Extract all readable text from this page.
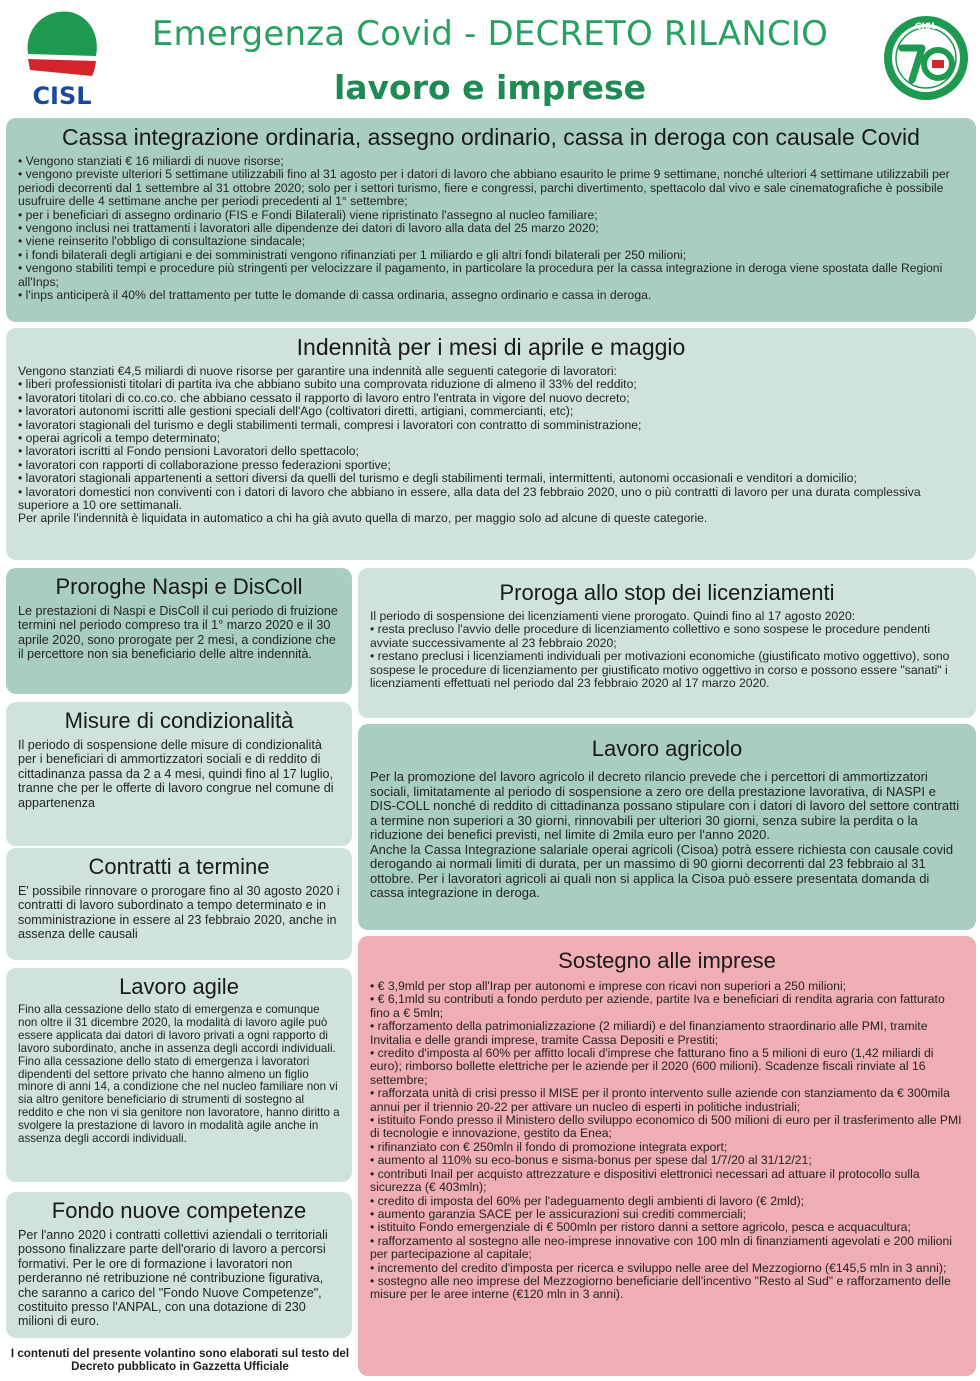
CISL
Emergenza Covid - DECRETO RILANCIO
lavoro e imprese
CISL
Cassa integrazione ordinaria, assegno ordinario, cassa in deroga con causale Covid
• Vengono stanziati € 16 miliardi di nuove risorse;
• vengono previste ulteriori 5 settimane utilizzabili fino al 31 agosto per i datori di lavoro che abbiano esaurito le prime 9 settimane, nonché ulteriori 4 settimane utilizzabili per periodi decorrenti dal 1 settembre al 31 ottobre 2020; solo per i settori turismo, fiere e congressi, parchi divertimento, spettacolo dal vivo e sale cinematografiche è possibile usufruire delle 4 settimane anche per periodi precedenti al 1° settembre;
• per i beneficiari di assegno ordinario (FIS e Fondi Bilaterali) viene ripristinato l'assegno al nucleo familiare;
• vengono inclusi nei trattamenti i lavoratori alle dipendenze dei datori di lavoro alla data del 25 marzo 2020;
• viene reinserito l'obbligo di consultazione sindacale;
• i fondi bilaterali degli artigiani e dei somministrati vengono rifinanziati per 1 miliardo e gli altri fondi bilaterali per 250 milioni;
• vengono stabiliti tempi e procedure più stringenti per velocizzare il pagamento, in particolare la procedura per la cassa integrazione in deroga viene spostata dalle Regioni all'Inps;
• l'inps anticiperà il 40% del trattamento per tutte le domande di cassa ordinaria, assegno ordinario e cassa in deroga.
Indennità per i mesi di aprile e maggio

Vengono stanziati €4,5 miliardi di nuove risorse per garantire una indennità alle seguenti categorie di lavoratori:

• liberi professionisti titolari di partita iva che abbiano subito una comprovata riduzione di almeno il 33% del reddito;
• lavoratori titolari di co.co.co. che abbiano cessato il rapporto di lavoro entro l'entrata in vigore del nuovo decreto;
• lavoratori autonomi iscritti alle gestioni speciali dell'Ago (coltivatori diretti, artigiani, commercianti, etc);
• lavoratori stagionali del turismo e degli stabilimenti termali, compresi i lavoratori con contratto di somministrazione;
• operai agricoli a tempo determinato;
• lavoratori iscritti al Fondo pensioni Lavoratori dello spettacolo;
• lavoratori con rapporti di collaborazione presso federazioni sportive;
• lavoratori stagionali appartenenti a settori diversi da quelli del turismo e degli stabilimenti termali, intermittenti, autonomi occasionali e venditori a domicilio;
• lavoratori domestici non conviventi con i datori di lavoro che abbiano in essere, alla data del 23 febbraio 2020, uno o più contratti di lavoro per una durata complessiva superiore a 10 ore settimanali.

Per aprile l'indennità è liquidata in automatico a chi ha già avuto quella di marzo, per maggio solo ad alcune di queste categorie.

Proroghe Naspi e DisColl

Le prestazioni di Naspi e DisColl il cui periodo di fruizione termini nel periodo compreso tra il 1° marzo 2020 e il 30 aprile 2020, sono prorogate per 2 mesi, a condizione che il percettore non sia beneficiario delle altre indennità.

Misure di condizionalità

Il periodo di sospensione delle misure di condizionalità per i beneficiari di ammortizzatori sociali e di reddito di cittadinanza passa da 2 a 4 mesi, quindi fino al 17 luglio, tranne che per le offerte di lavoro congrue nel comune di appartenenza

Contratti a termine

E' possibile rinnovare o prorogare fino al 30 agosto 2020 i contratti di lavoro subordinato a tempo determinato e in somministrazione in essere al 23 febbraio 2020, anche in assenza delle causali

Lavoro agile

Fino alla cessazione dello stato di emergenza e comunque non oltre il 31 dicembre 2020, la modalità di lavoro agile può essere applicata dai datori di lavoro privati a ogni rapporto di lavoro subordinato, anche in assenza degli accordi individuali.

Fino alla cessazione dello stato di emergenza i lavoratori dipendenti del settore privato che hanno almeno un figlio minore di anni 14, a condizione che nel nucleo familiare non vi sia altro genitore beneficiario di strumenti di sostegno al reddito e che non vi sia genitore non lavoratore, hanno diritto a svolgere la prestazione di lavoro in modalità agile anche in assenza degli accordi individuali.

Fondo nuove competenze

Per l'anno 2020 i contratti collettivi aziendali o territoriali possono finalizzare parte dell'orario di lavoro a percorsi formativi. Per le ore di formazione i lavoratori non perderanno né retribuzione né contribuzione figurativa, che saranno a carico del "Fondo Nuove Competenze", costituito presso l'ANPAL, con una dotazione di 230 milioni di euro.

I contenuti del presente volantino sono elaborati sul testo del Decreto pubblicato in Gazzetta Ufficiale
Proroga allo stop dei licenziamenti

Il periodo di sospensione dei licenziamenti viene prorogato. Quindi fino al 17 agosto 2020:

• resta precluso l'avvio delle procedure di licenziamento collettivo e sono sospese le procedure pendenti avviate successivamente al 23 febbraio 2020;
• restano preclusi i licenziamenti individuali per motivazioni economiche (giustificato motivo oggettivo), sono sospese le procedure di licenziamento per giustificato motivo oggettivo in corso e possono essere "sanati" i licenziamenti effettuati nel periodo dal 23 febbraio 2020 al 17 marzo 2020.
Lavoro agricolo

Per la promozione del lavoro agricolo il decreto rilancio prevede che i percettori di ammortizzatori sociali, limitatamente al periodo di sospensione a zero ore della prestazione lavorativa, di NASPI e DIS-COLL nonché di reddito di cittadinanza possano stipulare con i datori di lavoro del settore contratti a termine non superiori a 30 giorni, rinnovabili per ulteriori 30 giorni, senza subire la perdita o la riduzione dei benefici previsti, nel limite di 2mila euro per l'anno 2020.

Anche la Cassa Integrazione salariale operai agricoli (Cisoa) potrà essere richiesta con causale covid derogando ai normali limiti di durata, per un massimo di 90 giorni decorrenti dal 23 febbraio al 31 ottobre. Per i lavoratori agricoli ai quali non si applica la Cisoa può essere presentata domanda di cassa integrazione in deroga.

Sostegno alle imprese
• € 3,9mld per stop all'Irap per autonomi e imprese con ricavi non superiori a 250 milioni;
• € 6,1mld su contributi a fondo perduto per aziende, partite Iva e beneficiari di rendita agraria con fatturato fino a € 5mln;
• rafforzamento della patrimonializzazione (2 miliardi) e del finanziamento straordinario alle PMI, tramite Invitalia e delle grandi imprese, tramite Cassa Depositi e Prestiti;
• credito d'imposta al 60% per affitto locali d'imprese che fatturano fino a 5 milioni di euro (1,42 miliardi di euro); rimborso bollette elettriche per le aziende per il 2020 (600 milioni). Scadenze fiscali rinviate al 16 settembre;
• rafforzata unità di crisi presso il MISE per il pronto intervento sulle aziende con stanziamento da € 300mila annui per il triennio 20-22 per attivare un nucleo di esperti in politiche industriali;
• istituito Fondo presso il Ministero dello sviluppo economico di 500 milioni di euro per il trasferimento alle PMI di tecnologie e innovazione, gestito da Enea;
• rifinanziato con € 250mln il fondo di promozione integrata export;
• aumento al 110% su eco-bonus e sisma-bonus per spese dal 1/7/20 al 31/12/21;
• contributi Inail per acquisto attrezzature e dispositivi elettronici necessari ad attuare il protocollo sulla sicurezza (€ 403mln);
• credito di imposta del 60% per l'adeguamento degli ambienti di lavoro (€ 2mld);
• aumento garanzia SACE per le assicurazioni sui crediti commerciali;
• istituito Fondo emergenziale di € 500mln per ristoro danni a settore agricolo, pesca e acquacultura;
• rafforzamento al sostegno alle neo-imprese innovative con 100 mln di finanziamenti agevolati e 200 milioni per partecipazione al capitale;
• incremento del credito d'imposta per ricerca e sviluppo nelle aree del Mezzogiorno (€145,5 mln in 3 anni);
• sostegno alle neo imprese del Mezzogiorno beneficiarie dell'incentivo "Resto al Sud" e rafforzamento delle misure per le aree interne (€120 mln in 3 anni).
